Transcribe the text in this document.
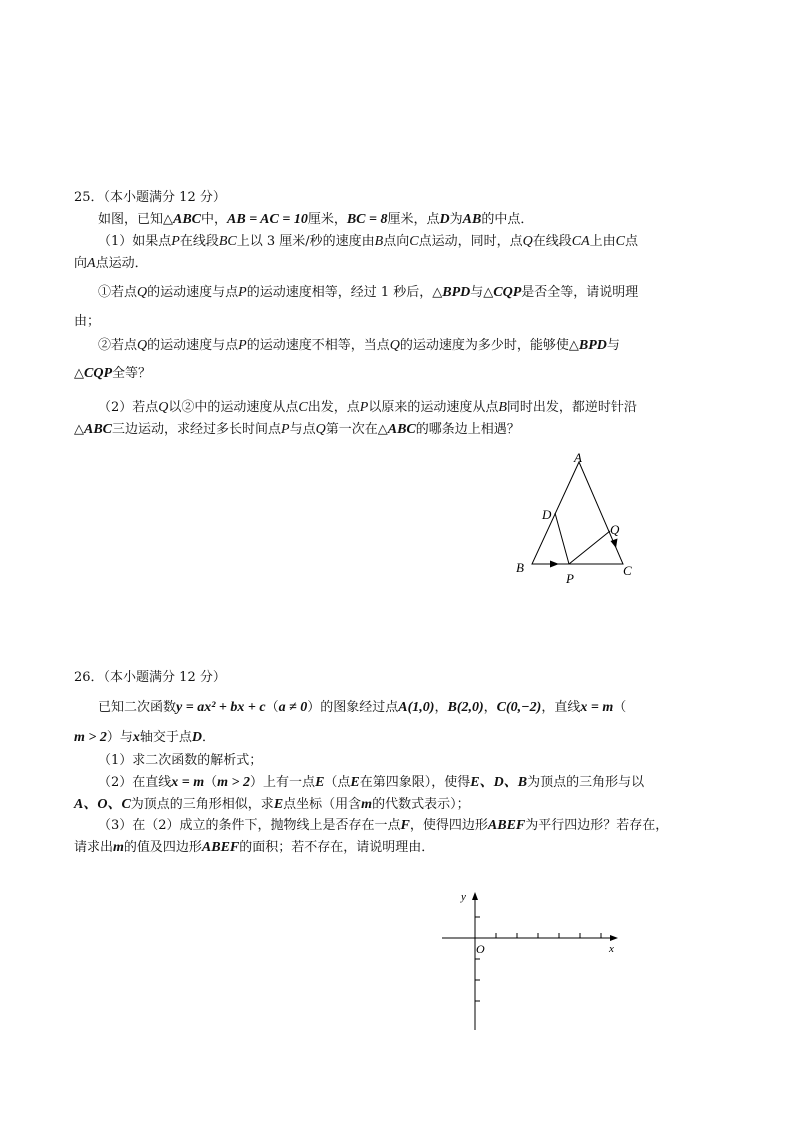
25．（本小题满分 12 分）
如图，已知△ABC中，AB = AC = 10厘米，BC = 8厘米，点D为AB的中点．
（1）如果点P在线段BC上以 3 厘米/秒的速度由B点向C点运动，同时，点Q在线段CA上由C点
向A点运动．
①若点Q的运动速度与点P的运动速度相等，经过 1 秒后，△BPD与△CQP是否全等，请说明理
由；
②若点Q的运动速度与点P的运动速度不相等，当点Q的运动速度为多少时，能够使△BPD与
△CQP全等？
（2）若点Q以②中的运动速度从点C出发，点P以原来的运动速度从点B同时出发，都逆时针沿
△ABC三边运动，求经过多长时间点P与点Q第一次在△ABC的哪条边上相遇？
A
D
Q
B
P
C
26．（本小题满分 12 分）
已知二次函数y = ax² + bx + c（a ≠ 0）的图象经过点A(1,0)，B(2,0)，C(0,−2)，直线x = m（
m > 2）与x轴交于点D．
（1）求二次函数的解析式；
（2）在直线x = m（m > 2）上有一点E（点E在第四象限），使得E、D、B为顶点的三角形与以
A、O、C为顶点的三角形相似，求E点坐标（用含m的代数式表示）；
（3）在（2）成立的条件下，抛物线上是否存在一点F，使得四边形ABEF为平行四边形？若存在，
请求出m的值及四边形ABEF的面积；若不存在，请说明理由．
y
x
O
